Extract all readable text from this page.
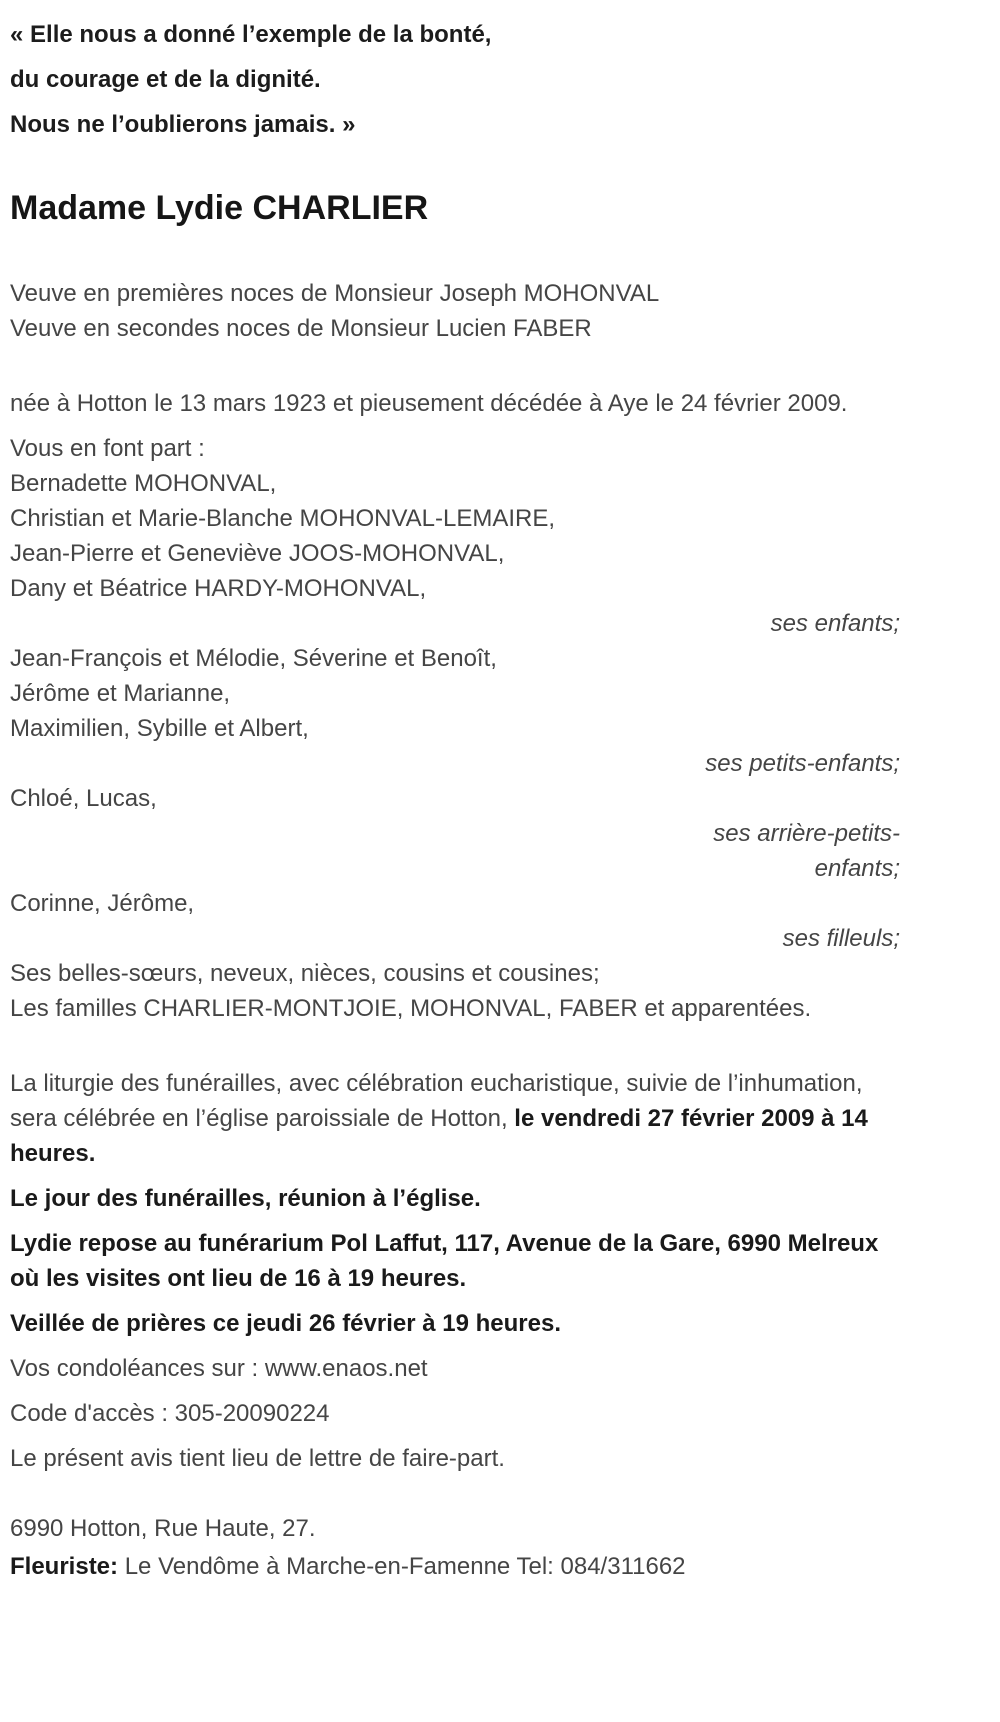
« Elle nous a donné l’exemple de la bonté,
du courage et de la dignité.
Nous ne l’oublierons jamais. »
Madame Lydie CHARLIER
Veuve en premières noces de Monsieur Joseph MOHONVAL
Veuve en secondes noces de Monsieur Lucien FABER

née à Hotton le 13 mars 1923 et pieusement décédée à Aye le 24 février 2009.

Vous en font part :
Bernadette MOHONVAL,
Christian et Marie-Blanche MOHONVAL-LEMAIRE,
Jean-Pierre et Geneviève JOOS-MOHONVAL,
Dany et Béatrice HARDY-MOHONVAL,
ses enfants;
Jean-François et Mélodie, Séverine et Benoît,
Jérôme et Marianne,
Maximilien, Sybille et Albert,
ses petits-enfants;
Chloé, Lucas,
ses arrière-petits-enfants;
Corinne, Jérôme,
ses filleuls;
Ses belles-sœurs, neveux, nièces, cousins et cousines;
Les familles CHARLIER-MONTJOIE, MOHONVAL, FABER et apparentées.

La liturgie des funérailles, avec célébration eucharistique, suivie de l’inhumation, sera célébrée en l’église paroissiale de Hotton, le vendredi 27 février 2009 à 14 heures.

Le jour des funérailles, réunion à l’église.

Lydie repose au funérarium Pol Laffut, 117, Avenue de la Gare, 6990 Melreux où les visites ont lieu de 16 à 19 heures.

Veillée de prières ce jeudi 26 février à 19 heures.

Vos condoléances sur : www.enaos.net

Code d'accès : 305-20090224

Le présent avis tient lieu de lettre de faire-part.

6990 Hotton, Rue Haute, 27.

Fleuriste: Le Vendôme à Marche-en-Famenne Tel: 084/311662
